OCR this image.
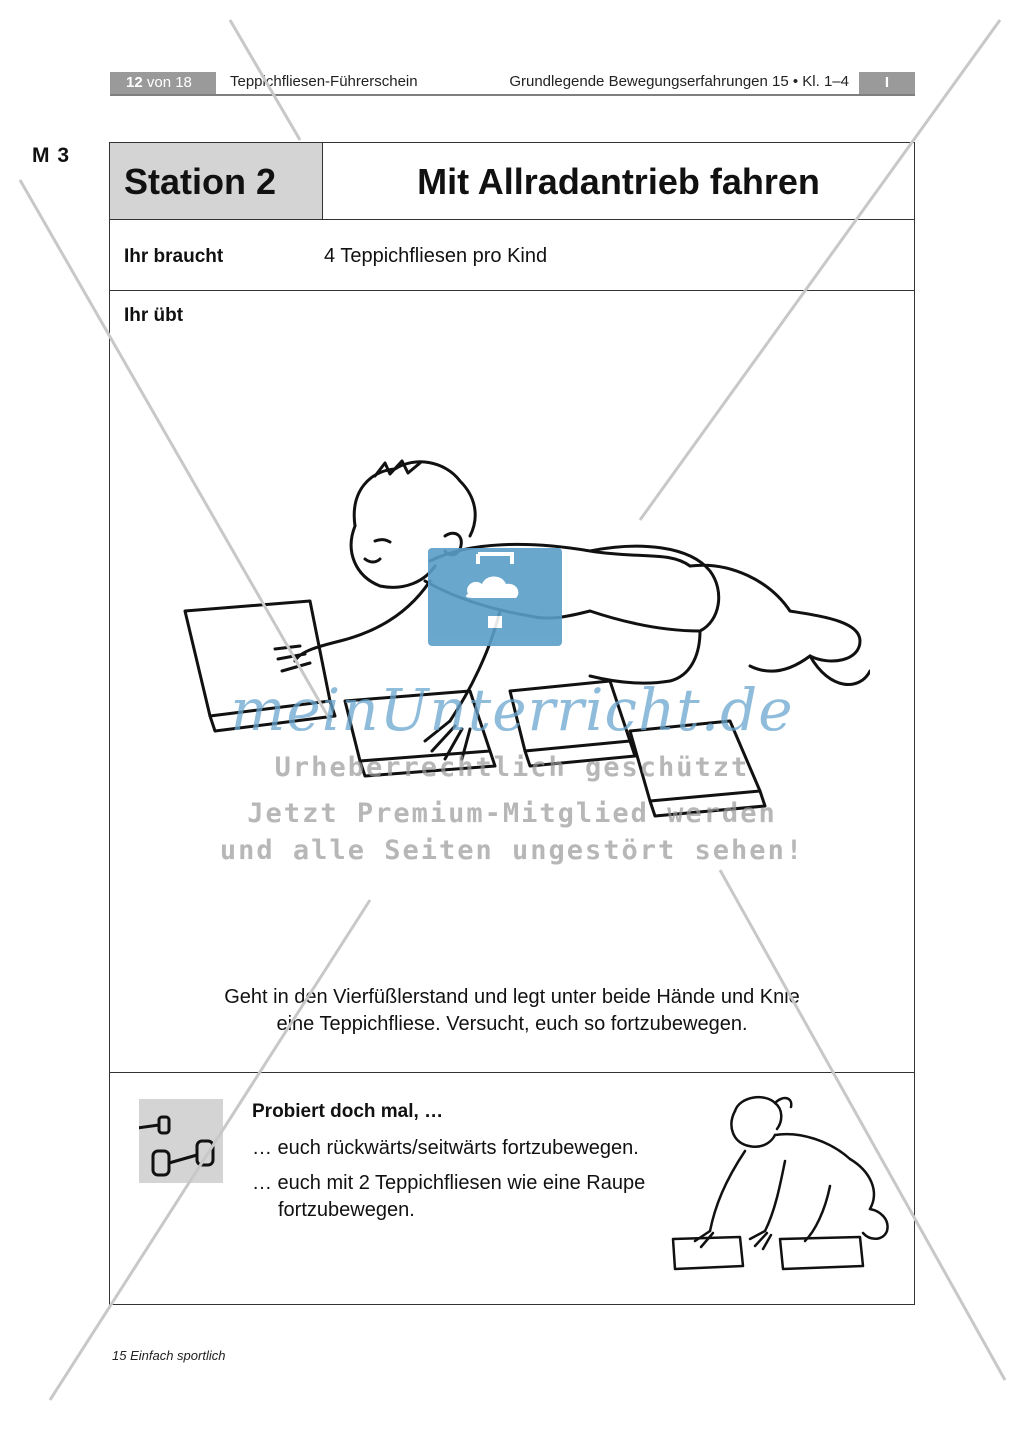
12 von 18	Teppichfliesen-Führerschein	Grundlegende Bewegungserfahrungen 15 • Kl. 1–4	I
M 3
Station 2	Mit Allradantrieb fahren
Ihr braucht	4 Teppichfliesen pro Kind
Ihr übt
Geht in den Vierfüßlerstand und legt unter beide Hände und Knie
eine Teppichfliese. Versucht, euch so fortzubewegen.
Probiert doch mal, …
… euch rückwärts/seitwärts fortzubewegen.
… euch mit 2 Teppichfliesen wie eine Raupe
fortzubewegen.
15 Einfach sportlich
meinUnterricht.de
Urheberrechtlich geschützt
Jetzt Premium-Mitglied werden
und alle Seiten ungestört sehen!
